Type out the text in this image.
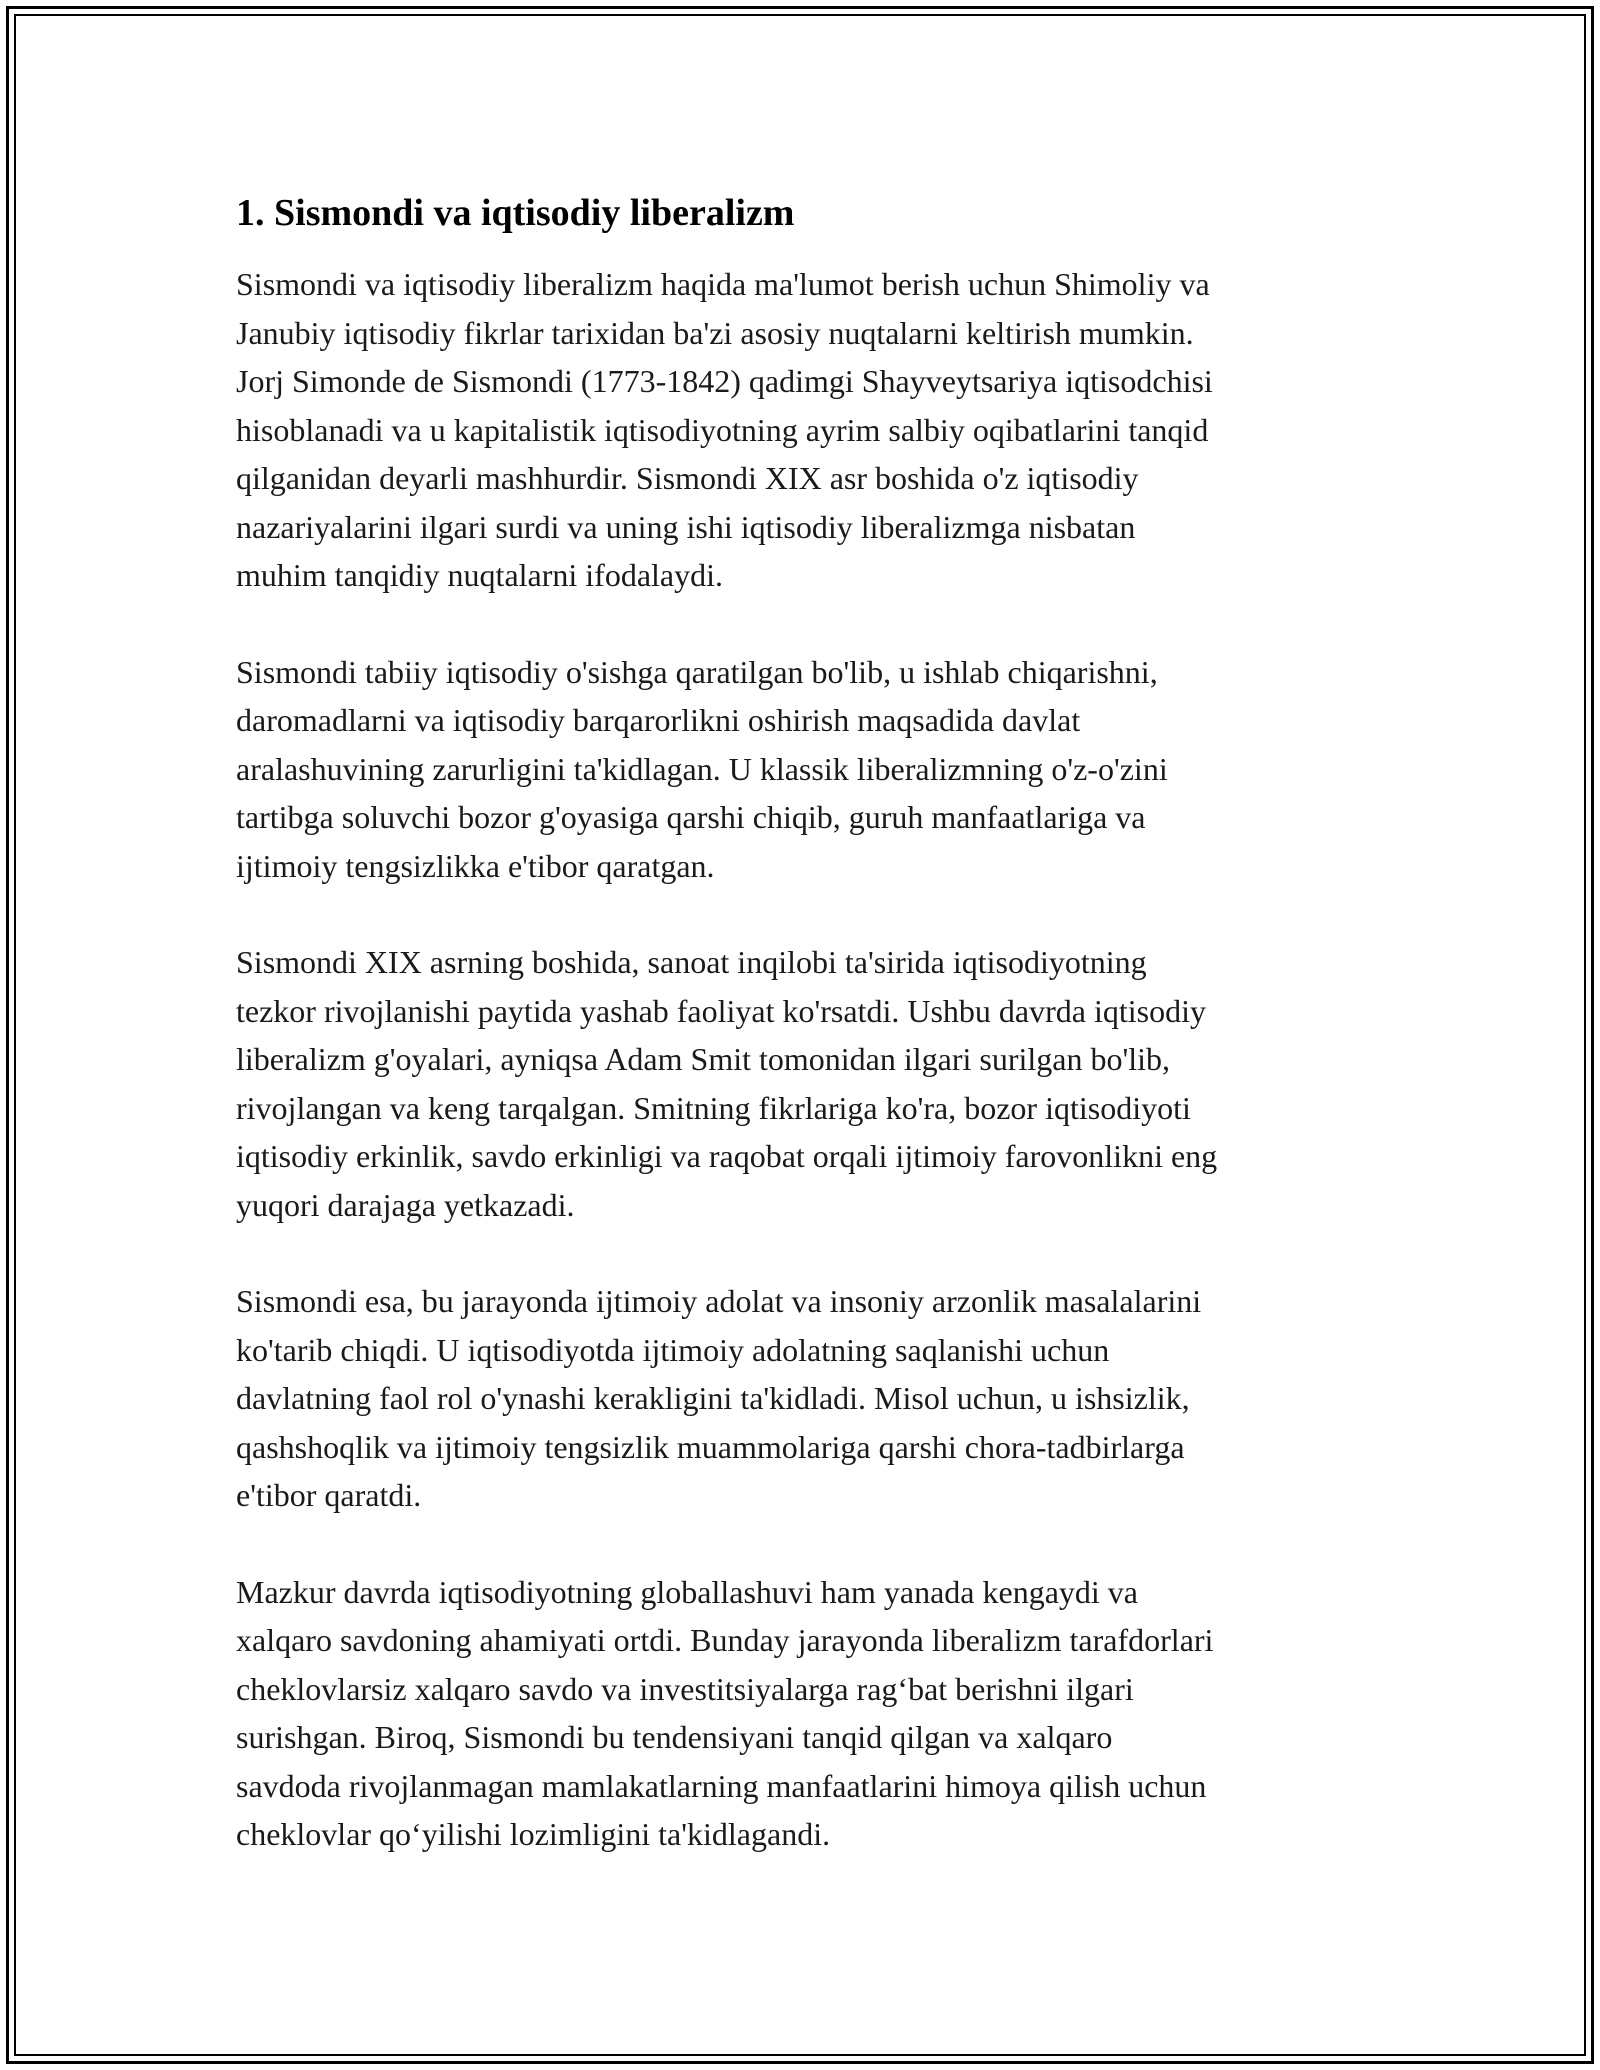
1. Sismondi va iqtisodiy liberalizm

Sismondi va iqtisodiy liberalizm haqida ma'lumot berish uchun Shimoliy va
Janubiy iqtisodiy fikrlar tarixidan ba'zi asosiy nuqtalarni keltirish mumkin.
Jorj Simonde de Sismondi (1773-1842) qadimgi Shayveytsariya iqtisodchisi
hisoblanadi va u kapitalistik iqtisodiyotning ayrim salbiy oqibatlarini tanqid
qilganidan deyarli mashhurdir. Sismondi XIX asr boshida o'z iqtisodiy
nazariyalarini ilgari surdi va uning ishi iqtisodiy liberalizmga nisbatan
muhim tanqidiy nuqtalarni ifodalaydi.

Sismondi tabiiy iqtisodiy o'sishga qaratilgan bo'lib, u ishlab chiqarishni,
daromadlarni va iqtisodiy barqarorlikni oshirish maqsadida davlat
aralashuvining zarurligini ta'kidlagan. U klassik liberalizmning o'z-o'zini
tartibga soluvchi bozor g'oyasiga qarshi chiqib, guruh manfaatlariga va
ijtimoiy tengsizlikka e'tibor qaratgan.

Sismondi XIX asrning boshida, sanoat inqilobi ta'sirida iqtisodiyotning
tezkor rivojlanishi paytida yashab faoliyat ko'rsatdi. Ushbu davrda iqtisodiy
liberalizm g'oyalari, ayniqsa Adam Smit tomonidan ilgari surilgan bo'lib,
rivojlangan va keng tarqalgan. Smitning fikrlariga ko'ra, bozor iqtisodiyoti
iqtisodiy erkinlik, savdo erkinligi va raqobat orqali ijtimoiy farovonlikni eng
yuqori darajaga yetkazadi.

Sismondi esa, bu jarayonda ijtimoiy adolat va insoniy arzonlik masalalarini
ko'tarib chiqdi. U iqtisodiyotda ijtimoiy adolatning saqlanishi uchun
davlatning faol rol o'ynashi kerakligini ta'kidladi. Misol uchun, u ishsizlik,
qashshoqlik va ijtimoiy tengsizlik muammolariga qarshi chora-tadbirlarga
e'tibor qaratdi.

Mazkur davrda iqtisodiyotning globallashuvi ham yanada kengaydi va
xalqaro savdoning ahamiyati ortdi. Bunday jarayonda liberalizm tarafdorlari
cheklovlarsiz xalqaro savdo va investitsiyalarga rag‘bat berishni ilgari
surishgan. Biroq, Sismondi bu tendensiyani tanqid qilgan va xalqaro
savdoda rivojlanmagan mamlakatlarning manfaatlarini himoya qilish uchun
cheklovlar qo‘yilishi lozimligini ta'kidlagandi.
